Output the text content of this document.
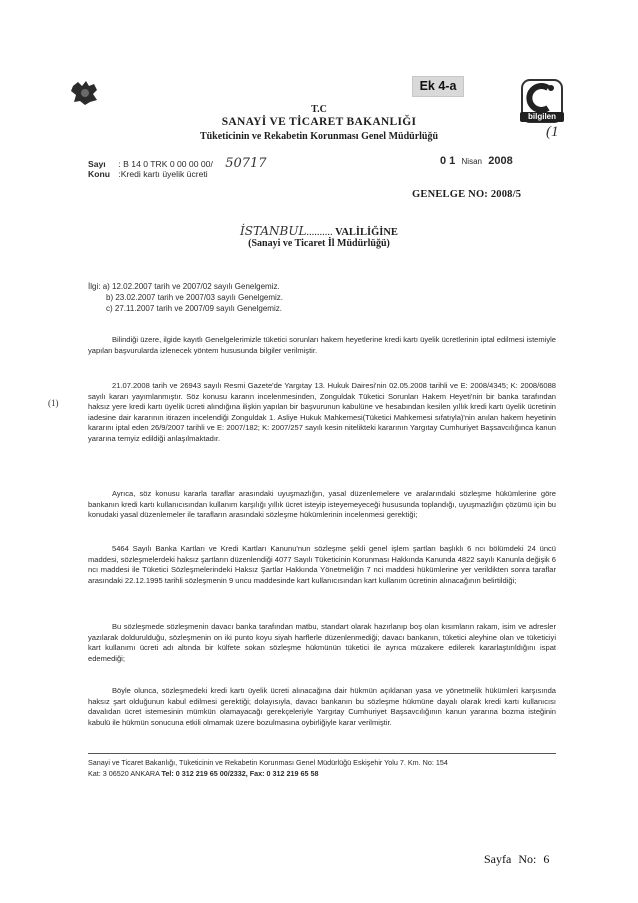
Ek 4-a
bilgilen
(1
T.C
SANAYİ VE TİCARET BAKANLIĞI
Tüketicinin ve Rekabetin Korunması Genel Müdürlüğü
Sayı : B 14 0 TRK 0 00 00 00/ 50717
Konu :Kredi kartı üyelik ücreti
0 1 Nisan 2008
GENELGE NO: 2008/5
İSTANBUL.......... VALİLİĞİNE
(Sanayi ve Ticaret İl Müdürlüğü)
İlgi: a) 12.02.2007 tarih ve 2007/02 sayılı Genelgemiz.
b) 23.02.2007 tarih ve 2007/03 sayılı Genelgemiz.
c) 27.11.2007 tarih ve 2007/09 sayılı Genelgemiz.
Bilindiği üzere, ilgide kayıtlı Genelgelerimizle tüketici sorunları hakem heyetlerine kredi kartı üyelik ücretlerinin iptal edilmesi istemiyle yapılan başvurularda izlenecek yöntem hususunda bilgiler verilmiştir.
21.07.2008 tarih ve 26943 sayılı Resmi Gazete'de Yargıtay 13. Hukuk Dairesi'nin 02.05.2008 tarihli ve E: 2008/4345; K: 2008/6088 sayılı kararı yayımlanmıştır. Söz konusu kararın incelenmesinden, Zonguldak Tüketici Sorunları Hakem Heyeti'nin bir banka tarafından haksız yere kredi kartı üyelik ücreti alındığına ilişkin yapılan bir başvurunun kabulüne ve hesabından kesilen yıllık kredi kartı üyelik ücretinin iadesine dair kararının itirazen incelendiği Zonguldak 1. Asliye Hukuk Mahkemesi(Tüketici Mahkemesi sıfatıyla)'nin anılan hakem heyetinin kararını iptal eden 26/9/2007 tarihli ve E: 2007/182; K: 2007/257 sayılı kesin nitelikteki kararının Yargıtay Cumhuriyet Başsavcılığınca kanun yararına temyiz edildiği anlaşılmaktadır.
(1)
Ayrıca, söz konusu kararla taraflar arasındaki uyuşmazlığın, yasal düzenlemelere ve aralarındaki sözleşme hükümlerine göre bankanın kredi kartı kullanıcısından kullanım karşılığı yıllık ücret isteyip isteyemeyeceği hususunda toplandığı, uyuşmazlığın çözümü için bu konudaki yasal düzenlemeler ile tarafların arasındaki sözleşme hükümlerinin incelenmesi gerektiği;
5464 Sayılı Banka Kartları ve Kredi Kartları Kanunu'nun sözleşme şekli genel işlem şartları başlıklı 6 ncı bölümdeki 24 üncü maddesi, sözleşmelerdeki haksız şartların düzenlendiği 4077 Sayılı Tüketicinin Korunması Hakkında Kanunda 4822 sayılı Kanunla değişik 6 ncı maddesi ile Tüketici Sözleşmelerindeki Haksız Şartlar Hakkında Yönetmeliğin 7 nci maddesi hükümlerine yer verildikten sonra taraflar arasındaki 22.12.1995 tarihli sözleşmenin 9 uncu maddesinde kart kullanıcısından kart kullanım ücretinin alınacağının belirtildiği;
Bu sözleşmede sözleşmenin davacı banka tarafından matbu, standart olarak hazırlanıp boş olan kısımların rakam, isim ve adresler yazılarak doldurulduğu, sözleşmenin on iki punto koyu siyah harflerle düzenlenmediği; davacı bankanın, tüketici aleyhine olan ve tüketiciyi kart kullanımı ücreti adı altında bir külfete sokan sözleşme hükmünün tüketici ile ayrıca müzakere edilerek kararlaştırıldığını ispat edemediği;
Böyle olunca, sözleşmedeki kredi kartı üyelik ücreti alınacağına dair hükmün açıklanan yasa ve yönetmelik hükümleri karşısında haksız şart olduğunun kabul edilmesi gerektiği; dolayısıyla, davacı bankanın bu sözleşme hükmüne dayalı olarak kredi kartı kullanıcısı davalıdan ücret istemesinin mümkün olamayacağı gerekçeleriyle Yargıtay Cumhuriyet Başsavcılığının kanun yararına bozma isteğinin kabulü ile hükmün sonucuna etkili olmamak üzere bozulmasına oybirliğiyle karar verilmiştir.
Sanayi ve Ticaret Bakanlığı, Tüketicinin ve Rekabetin Korunması Genel Müdürlüğü Eskişehir Yolu 7. Km. No: 154
Kat: 3 06520 ANKARA Tel: 0 312 219 65 00/2332, Fax: 0 312 219 65 58
Sayfa No: 6
